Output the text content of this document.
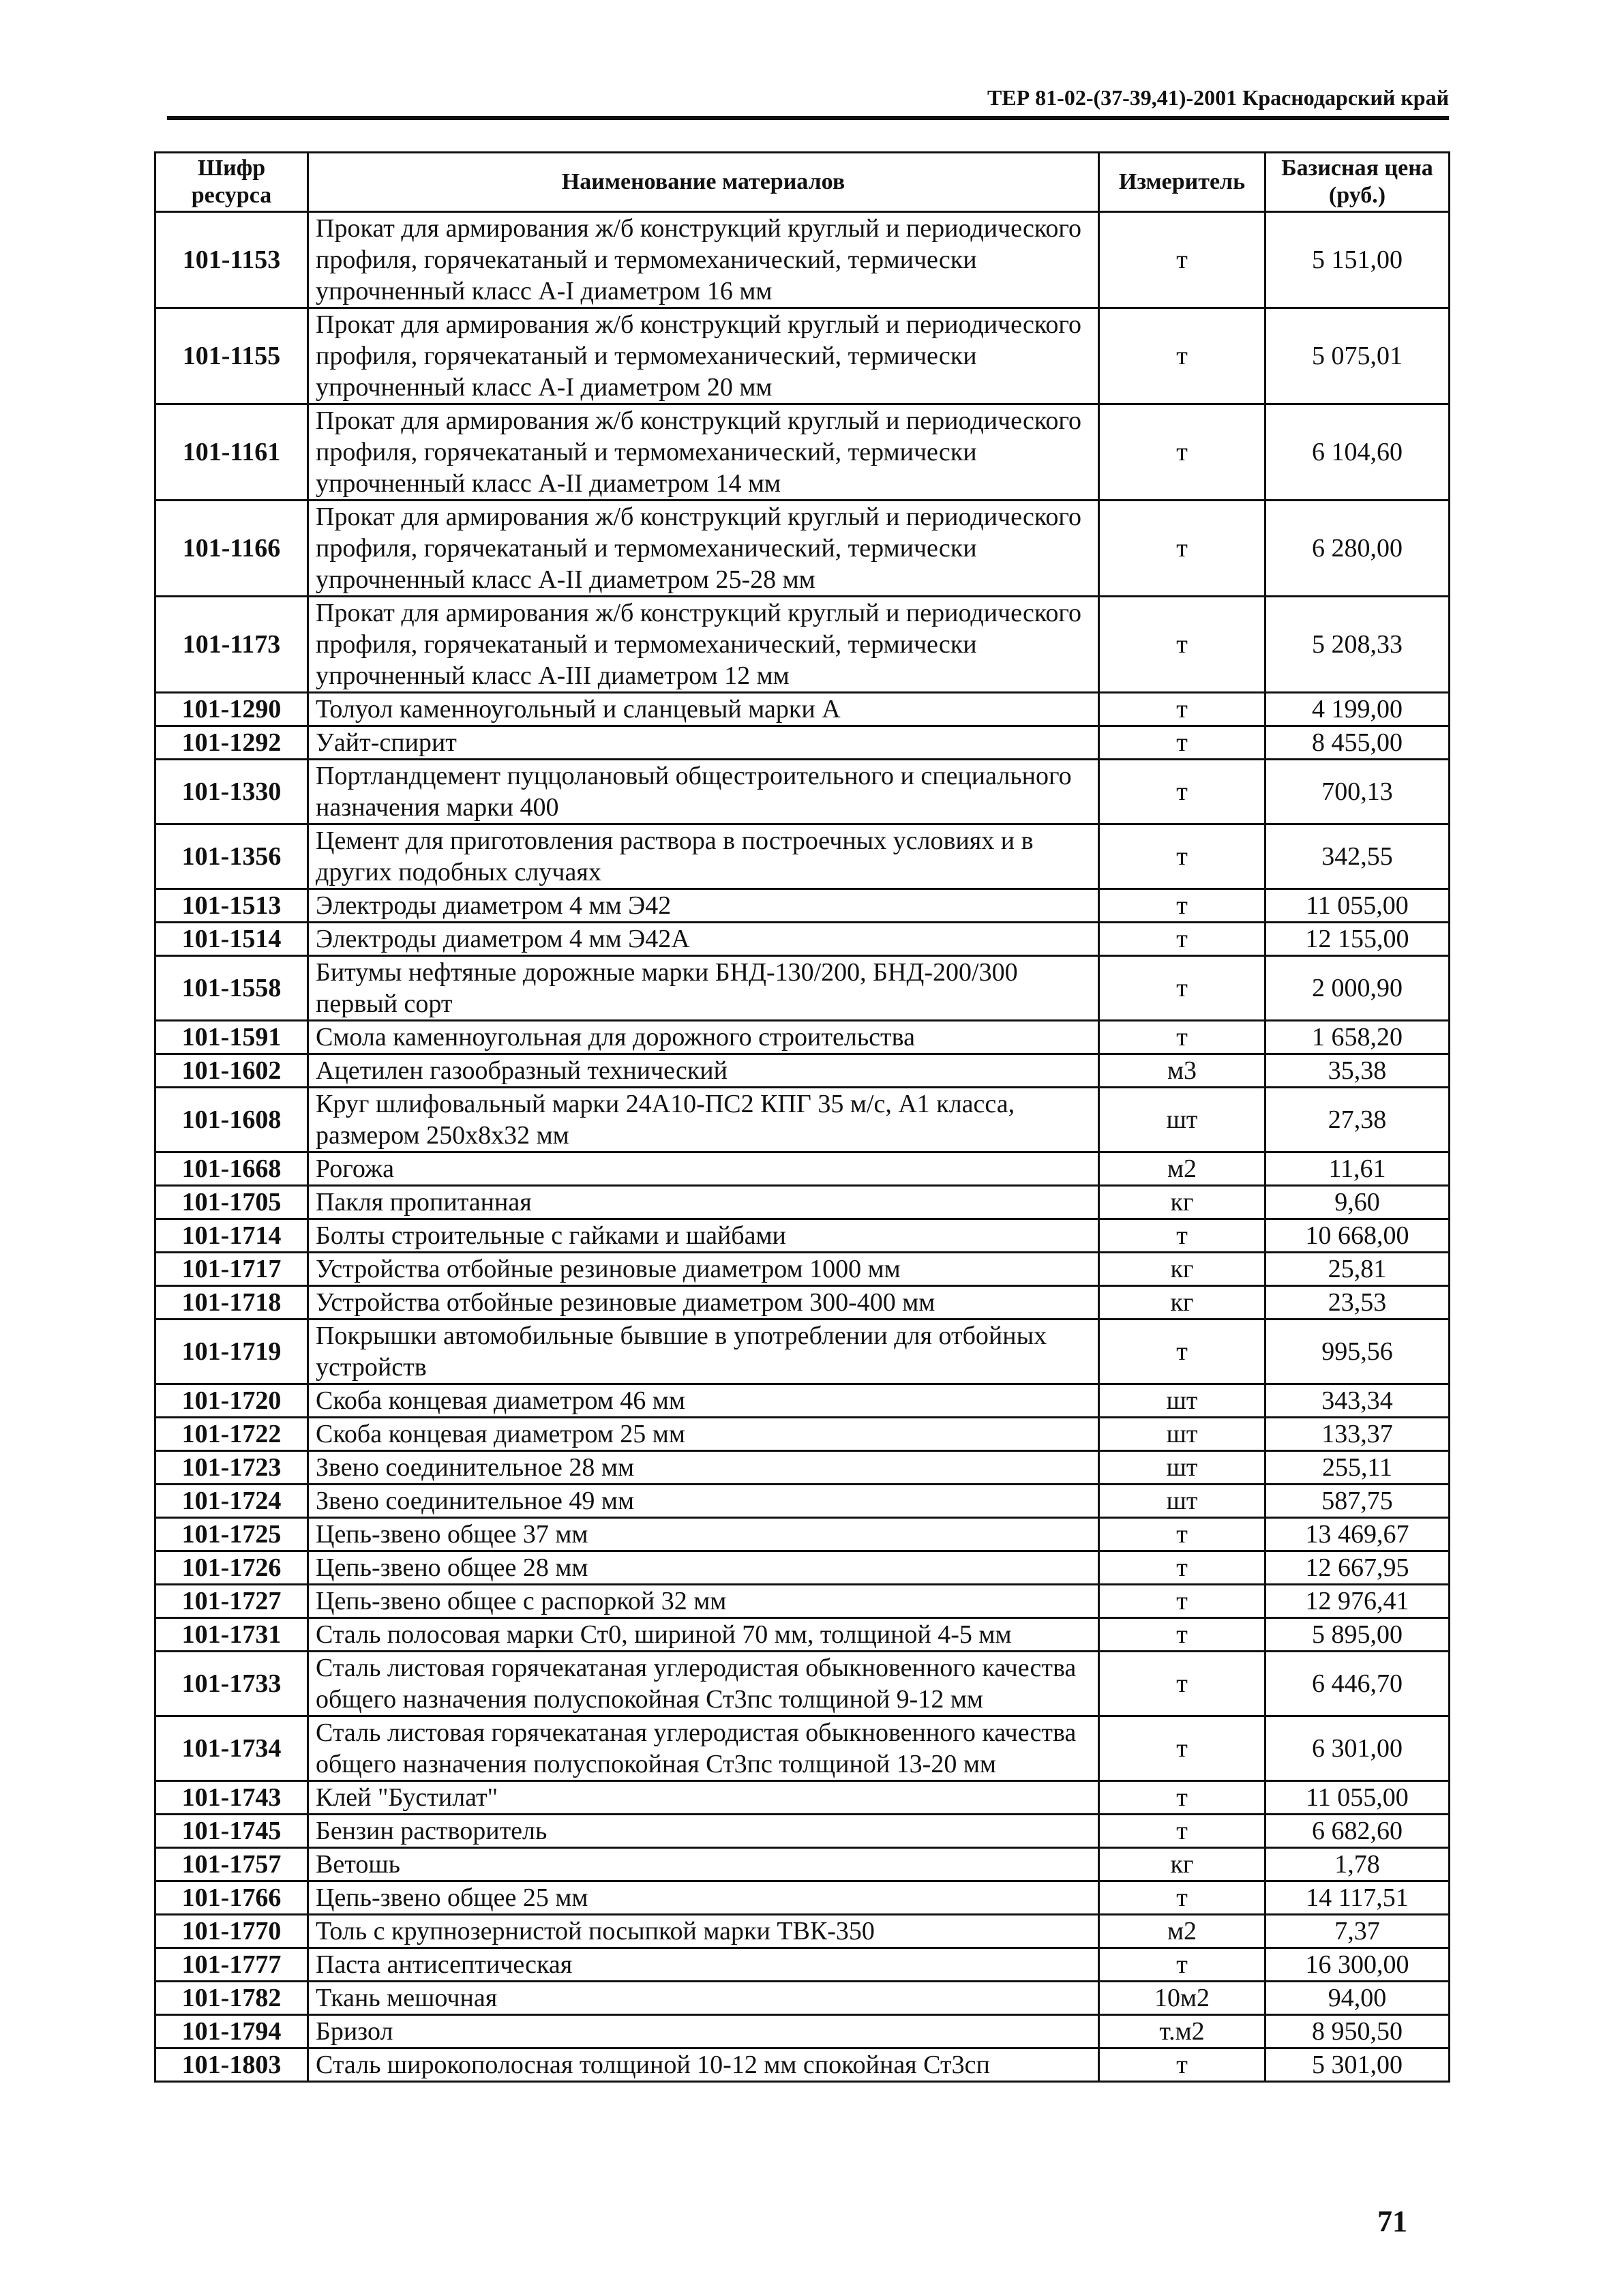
ТЕР 81-02-(37-39,41)-2001 Краснодарский край
Шифр ресурса	Наименование материалов	Измеритель	Базисная цена (руб.)
101-1153	Прокат для армирования ж/б конструкций круглый и периодического профиля, горячекатаный и термомеханический, термически упрочненный класс А-I диаметром 16 мм	т	5 151,00
101-1155	Прокат для армирования ж/б конструкций круглый и периодического профиля, горячекатаный и термомеханический, термически упрочненный класс А-I диаметром 20 мм	т	5 075,01
101-1161	Прокат для армирования ж/б конструкций круглый и периодического профиля, горячекатаный и термомеханический, термически упрочненный класс А-II диаметром 14 мм	т	6 104,60
101-1166	Прокат для армирования ж/б конструкций круглый и периодического профиля, горячекатаный и термомеханический, термически упрочненный класс А-II диаметром 25-28 мм	т	6 280,00
101-1173	Прокат для армирования ж/б конструкций круглый и периодического профиля, горячекатаный и термомеханический, термически упрочненный класс А-III диаметром 12 мм	т	5 208,33
101-1290	Толуол каменноугольный и сланцевый марки А	т	4 199,00
101-1292	Уайт-спирит	т	8 455,00
101-1330	Портландцемент пуццолановый общестроительного и специального назначения марки 400	т	700,13
101-1356	Цемент для приготовления раствора в построечных условиях и в других подобных случаях	т	342,55
101-1513	Электроды диаметром 4 мм Э42	т	11 055,00
101-1514	Электроды диаметром 4 мм Э42А	т	12 155,00
101-1558	Битумы нефтяные дорожные марки БНД-130/200, БНД-200/300 первый сорт	т	2 000,90
101-1591	Смола каменноугольная для дорожного строительства	т	1 658,20
101-1602	Ацетилен газообразный технический	м3	35,38
101-1608	Круг шлифовальный марки 24А10-ПС2 КПГ 35 м/с, А1 класса, размером 250х8х32 мм	шт	27,38
101-1668	Рогожа	м2	11,61
101-1705	Пакля пропитанная	кг	9,60
101-1714	Болты строительные с гайками и шайбами	т	10 668,00
101-1717	Устройства отбойные резиновые диаметром 1000 мм	кг	25,81
101-1718	Устройства отбойные резиновые диаметром 300-400 мм	кг	23,53
101-1719	Покрышки автомобильные бывшие в употреблении для отбойных устройств	т	995,56
101-1720	Скоба концевая диаметром 46 мм	шт	343,34
101-1722	Скоба концевая диаметром 25 мм	шт	133,37
101-1723	Звено соединительное 28 мм	шт	255,11
101-1724	Звено соединительное 49 мм	шт	587,75
101-1725	Цепь-звено общее 37 мм	т	13 469,67
101-1726	Цепь-звено общее 28 мм	т	12 667,95
101-1727	Цепь-звено общее с распоркой 32 мм	т	12 976,41
101-1731	Сталь полосовая марки Ст0, шириной 70 мм, толщиной 4-5 мм	т	5 895,00
101-1733	Сталь листовая горячекатаная углеродистая обыкновенного качества общего назначения полуспокойная Ст3пс толщиной 9-12 мм	т	6 446,70
101-1734	Сталь листовая горячекатаная углеродистая обыкновенного качества общего назначения полуспокойная Ст3пс толщиной 13-20 мм	т	6 301,00
101-1743	Клей "Бустилат"	т	11 055,00
101-1745	Бензин растворитель	т	6 682,60
101-1757	Ветошь	кг	1,78
101-1766	Цепь-звено общее 25 мм	т	14 117,51
101-1770	Толь с крупнозернистой посыпкой марки ТВК-350	м2	7,37
101-1777	Паста антисептическая	т	16 300,00
101-1782	Ткань мешочная	10м2	94,00
101-1794	Бризол	т.м2	8 950,50
101-1803	Сталь широкополосная толщиной 10-12 мм спокойная Ст3сп	т	5 301,00
71
